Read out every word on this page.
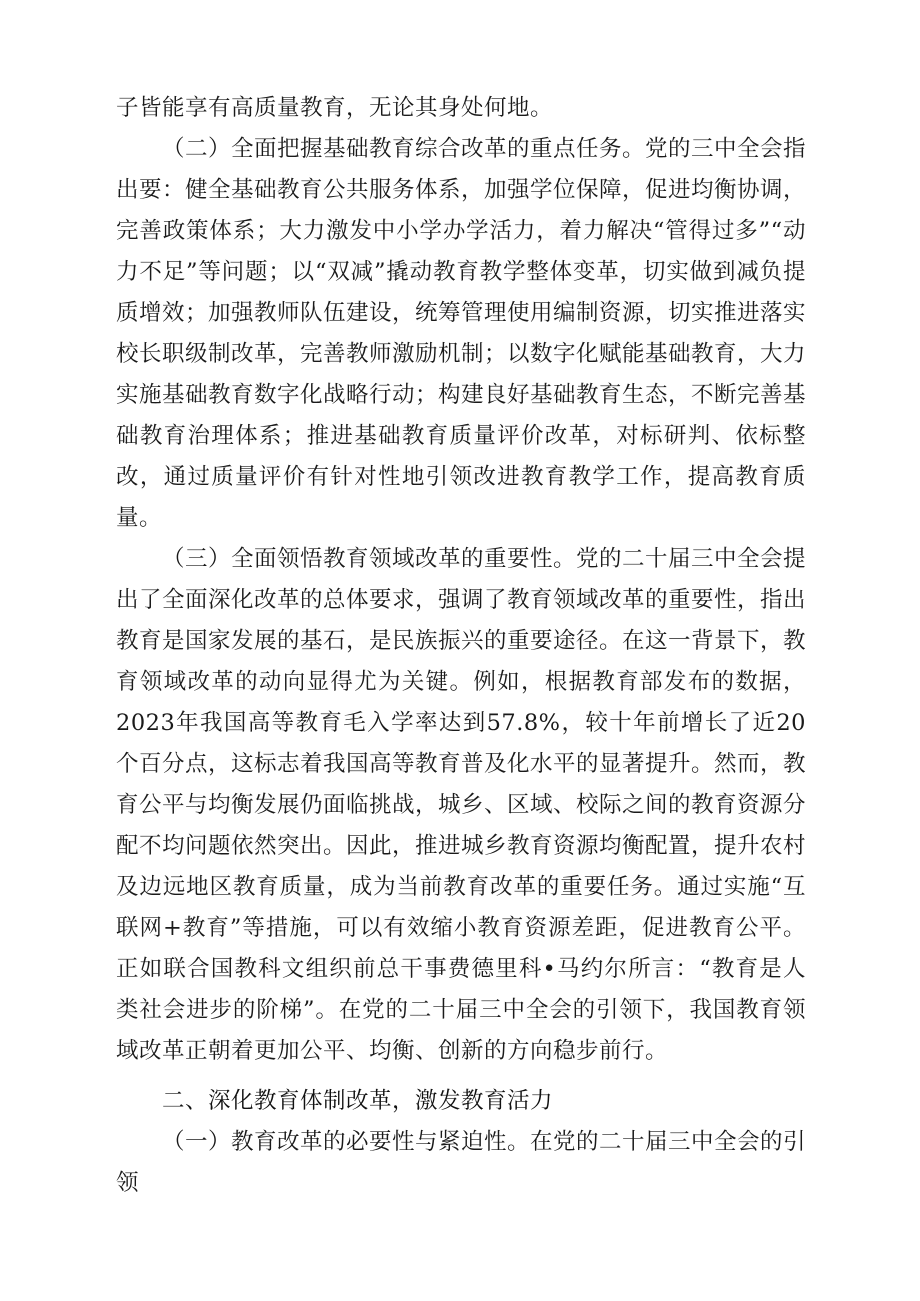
子皆能享有高质量教育，无论其身处何地。

（二）全面把握基础教育综合改革的重点任务。党的三中全会指出要：健全基础教育公共服务体系，加强学位保障，促进均衡协调，完善政策体系；大力激发中小学办学活力，着力解决“管得过多”“动力不足”等问题；以“双减”撬动教育教学整体变革，切实做到减负提质增效；加强教师队伍建设，统筹管理使用编制资源，切实推进落实校长职级制改革，完善教师激励机制；以数字化赋能基础教育，大力实施基础教育数字化战略行动；构建良好基础教育生态，不断完善基础教育治理体系；推进基础教育质量评价改革，对标研判、依标整改，通过质量评价有针对性地引领改进教育教学工作，提高教育质量。

（三）全面领悟教育领域改革的重要性。党的二十届三中全会提出了全面深化改革的总体要求，强调了教育领域改革的重要性，指出教育是国家发展的基石，是民族振兴的重要途径。在这一背景下，教育领域改革的动向显得尤为关键。例如，根据教育部发布的数据，2023年我国高等教育毛入学率达到57.8%，较十年前增长了近20个百分点，这标志着我国高等教育普及化水平的显著提升。然而，教育公平与均衡发展仍面临挑战，城乡、区域、校际之间的教育资源分配不均问题依然突出。因此，推进城乡教育资源均衡配置，提升农村及边远地区教育质量，成为当前教育改革的重要任务。通过实施“互联网+教育”等措施，可以有效缩小教育资源差距，促进教育公平。正如联合国教科文组织前总干事费德里科•马约尔所言：“教育是人类社会进步的阶梯”。在党的二十届三中全会的引领下，我国教育领域改革正朝着更加公平、均衡、创新的方向稳步前行。

二、深化教育体制改革，激发教育活力

（一）教育改革的必要性与紧迫性。在党的二十届三中全会的引领
